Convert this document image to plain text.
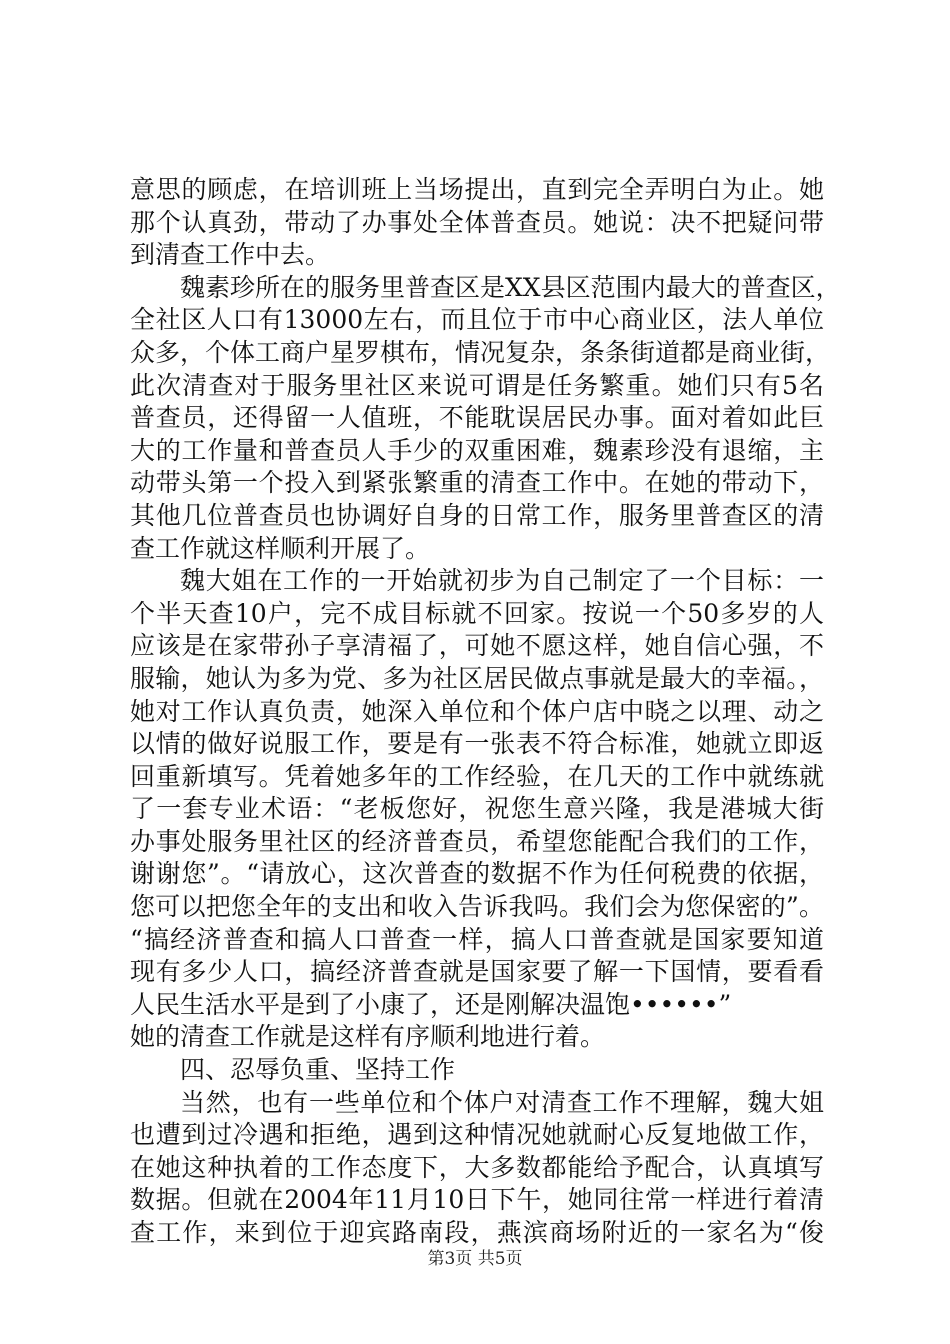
意思的顾虑，在培训班上当场提出，直到完全弄明白为止。她
那个认真劲，带动了办事处全体普查员。她说：决不把疑问带
到清查工作中去。
魏素珍所在的服务里普查区是XX县区范围内最大的普查区，
全社区人口有13000左右，而且位于市中心商业区，法人单位
众多，个体工商户星罗棋布，情况复杂，条条街道都是商业街，
此次清查对于服务里社区来说可谓是任务繁重。她们只有5名
普查员，还得留一人值班，不能耽误居民办事。面对着如此巨
大的工作量和普查员人手少的双重困难，魏素珍没有退缩，主
动带头第一个投入到紧张繁重的清查工作中。在她的带动下，
其他几位普查员也协调好自身的日常工作，服务里普查区的清
查工作就这样顺利开展了。
魏大姐在工作的一开始就初步为自己制定了一个目标：一
个半天查10户，完不成目标就不回家。按说一个50多岁的人
应该是在家带孙子享清福了，可她不愿这样，她自信心强，不
服输，她认为多为党、多为社区居民做点事就是最大的幸福。，
她对工作认真负责，她深入单位和个体户店中晓之以理、动之
以情的做好说服工作，要是有一张表不符合标准，她就立即返
回重新填写。凭着她多年的工作经验，在几天的工作中就练就
了一套专业术语：“老板您好，祝您生意兴隆，我是港城大街
办事处服务里社区的经济普查员，希望您能配合我们的工作，
谢谢您”。“请放心，这次普查的数据不作为任何税费的依据，
您可以把您全年的支出和收入告诉我吗。我们会为您保密的”。
“搞经济普查和搞人口普查一样，搞人口普查就是国家要知道
现有多少人口，搞经济普查就是国家要了解一下国情，要看看
人民生活水平是到了小康了，还是刚解决温饱••••••”
她的清查工作就是这样有序顺利地进行着。
四、忍辱负重、坚持工作
当然，也有一些单位和个体户对清查工作不理解，魏大姐
也遭到过冷遇和拒绝，遇到这种情况她就耐心反复地做工作，
在她这种执着的工作态度下，大多数都能给予配合，认真填写
数据。但就在2004年11月10日下午，她同往常一样进行着清
查工作，来到位于迎宾路南段，燕滨商场附近的一家名为“俊
第3页 共5页
